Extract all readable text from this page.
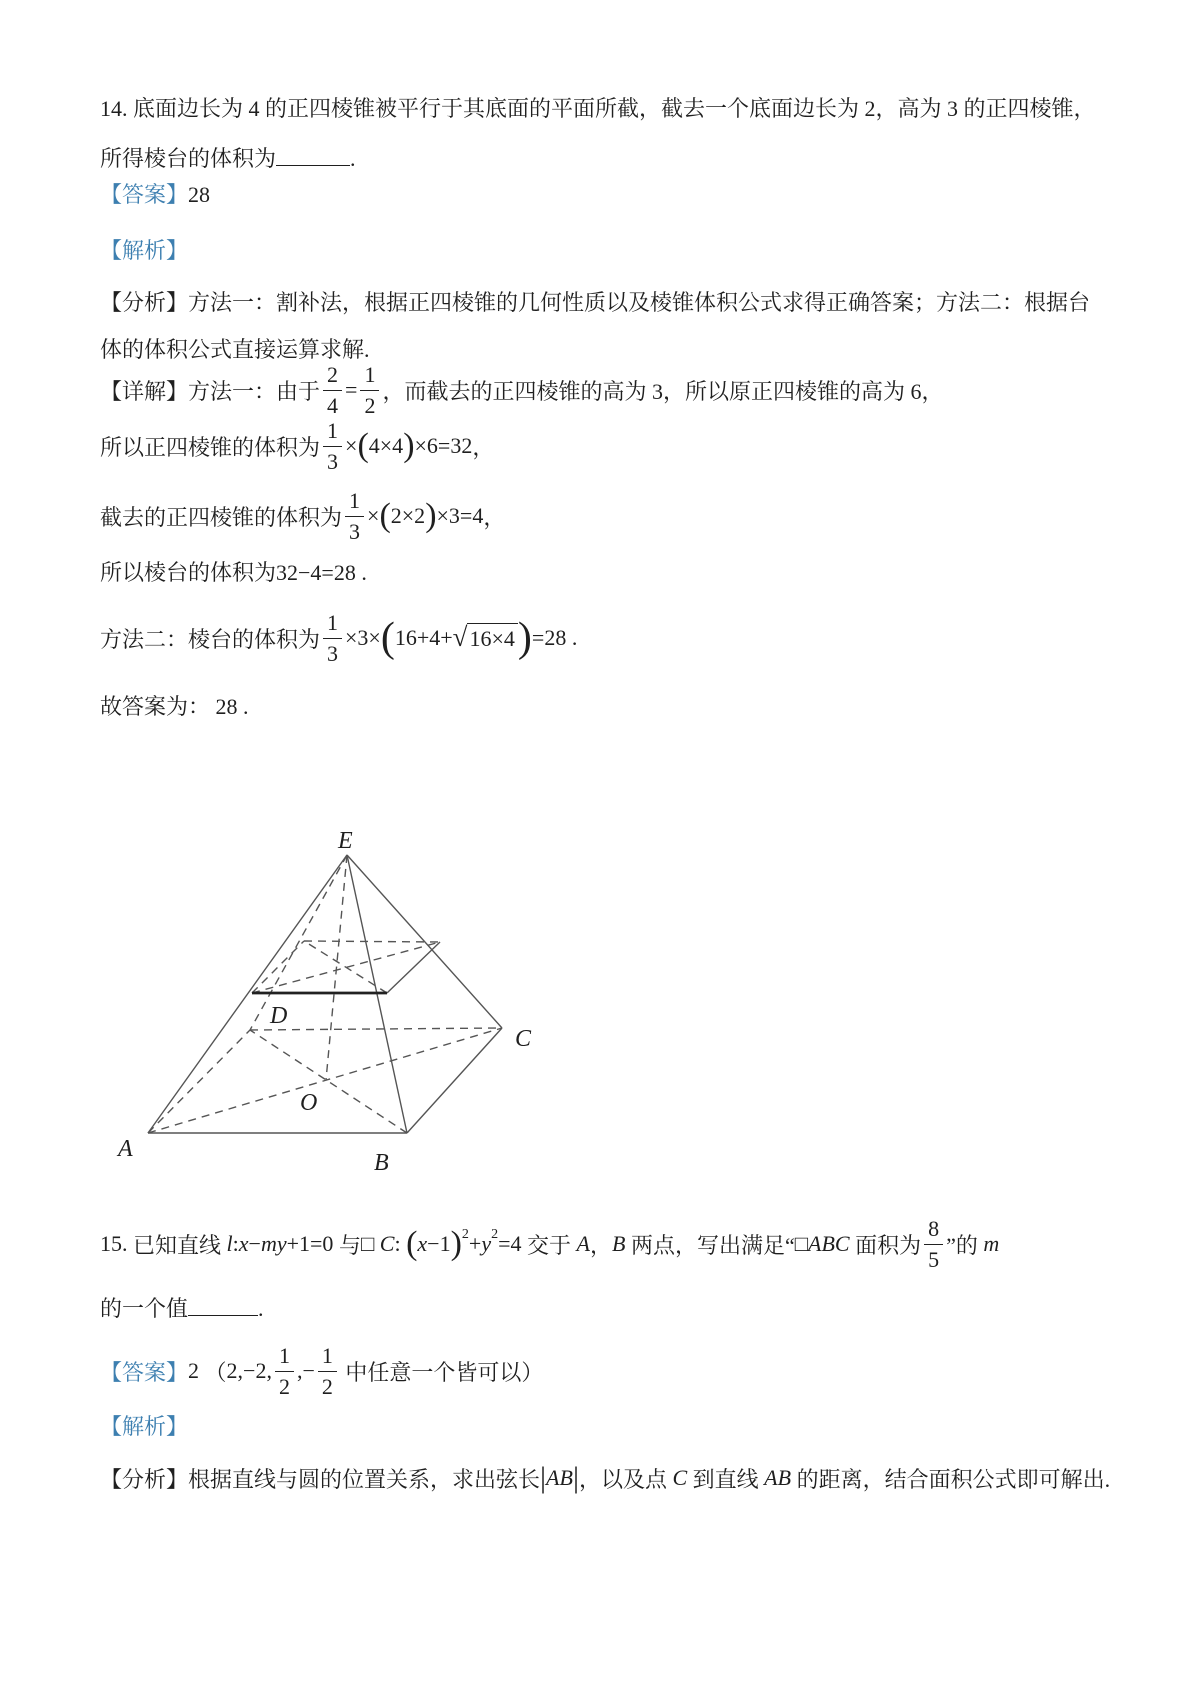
14. 底面边长为 4 的正四棱锥被平行于其底面的平面所截，截去一个底面边长为 2，高为 3 的正四棱锥，所得棱台的体积为	.

【答案】28

【解析】

【分析】方法一：割补法，根据正四棱锥的几何性质以及棱锥体积公式求得正确答案；方法二：根据台体的体积公式直接运算求解.

【详解】 方法一：由于 $\frac{2}{4} = \frac{1}{2}$ ，而截去的正四棱锥的高为 3，所以原正四棱锥的高为 6，
所以正四棱锥的体积为 $\frac{1}{3}$ × ( 4×4 ) ×6=32 ，
截去的正四棱锥的体积为 $\frac{1}{3}$ × ( 2×2 ) ×3=4 ，

所以棱台的体积为32−4=28 .

方法二：棱台的体积为 $\frac{1}{3} \times 3\times$ ( 16+4+ √ 16×4 ) =28 .

故答案为： 28 .

E
D
C
O
A
B
15. 已知直线 l : x − my +1=0 与 □ C : ( x −1 ) 2 + y 2 =4 交于 A ， B 两点，写出满足“ □ ABC 面积为 $\frac{8}{5}$ ”的 m

的一个值	.

【答案】 2 （ 2,−2, $\frac{1}{2}$ , − $\frac{1}{2}$ 中任意一个皆可以 ）

【解析】

【分析】 根据直线与圆的位置关系，求出弦长 | AB | ，以及点 C 到直线 AB 的距离，结合面积公式即可解出.
